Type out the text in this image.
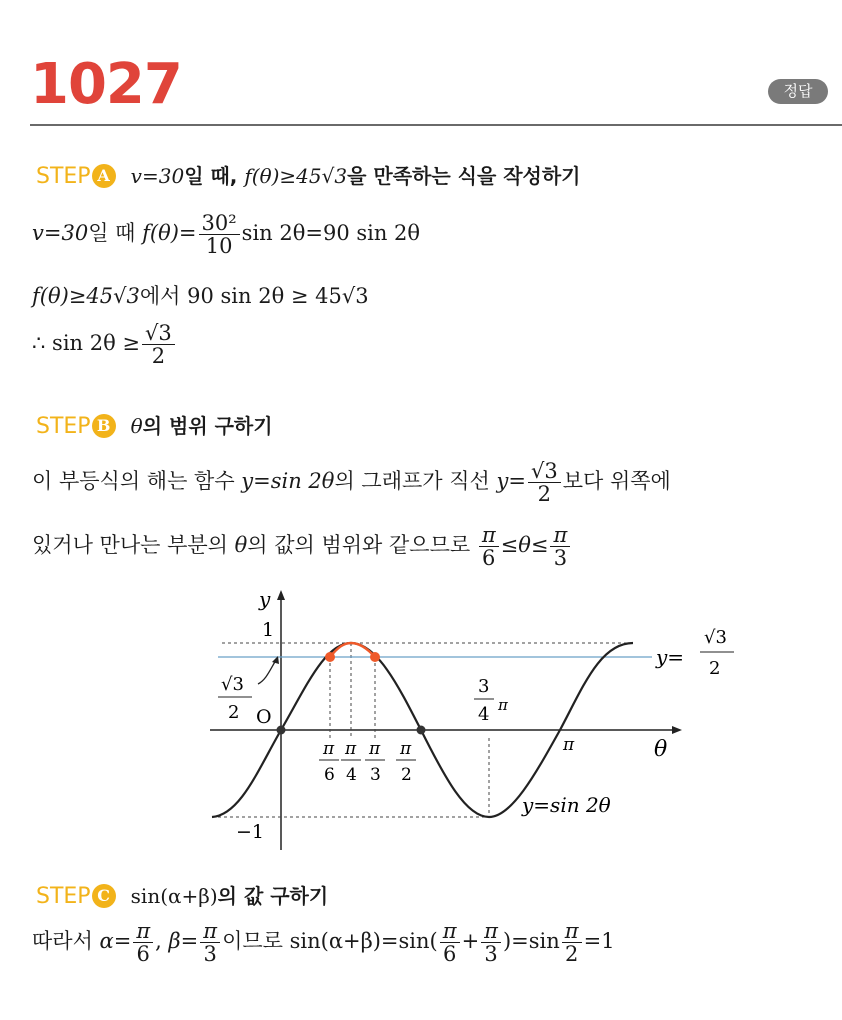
1027	정답
STEP A v=30일 때, f(θ)≥45√3을 만족하는 식을 작성하기
v=30일 때 $f(\theta)= \frac{\text{30²}}{10}$ sin 2θ=90 sin 2θ
f(θ)≥45√3에서 90 sin 2θ ≥ 45√3
∴ $\sin 2\theta \ge \frac{√3}{2}$
STEP B θ의 범위 구하기
이 부등식의 해는 함수 y=sin 2θ의 그래프가 직선 $y= \frac{√3}{2}$ 보다 위쪽에
있거나 만나는 부분의 θ의 값의 범위와 같으므로 $\frac{\pi}{6} \le\theta\le \frac{\pi}{3}$
y
θ
O
1
−1
√3
2
π
6
π
4
π
3
π
2
3
4 π
π
y=
√3
2
y=sin 2θ
STEP C sin(α+β)의 값 구하기
따라서 $\alpha= \frac{\pi}{6}$ , $\beta= \frac{\pi}{3}$ 이므로 $\sin(\alpha+\beta)=\sin( \frac{\pi}{6} + \frac{\pi}{3} )=\sin \frac{\pi}{2} =1$
